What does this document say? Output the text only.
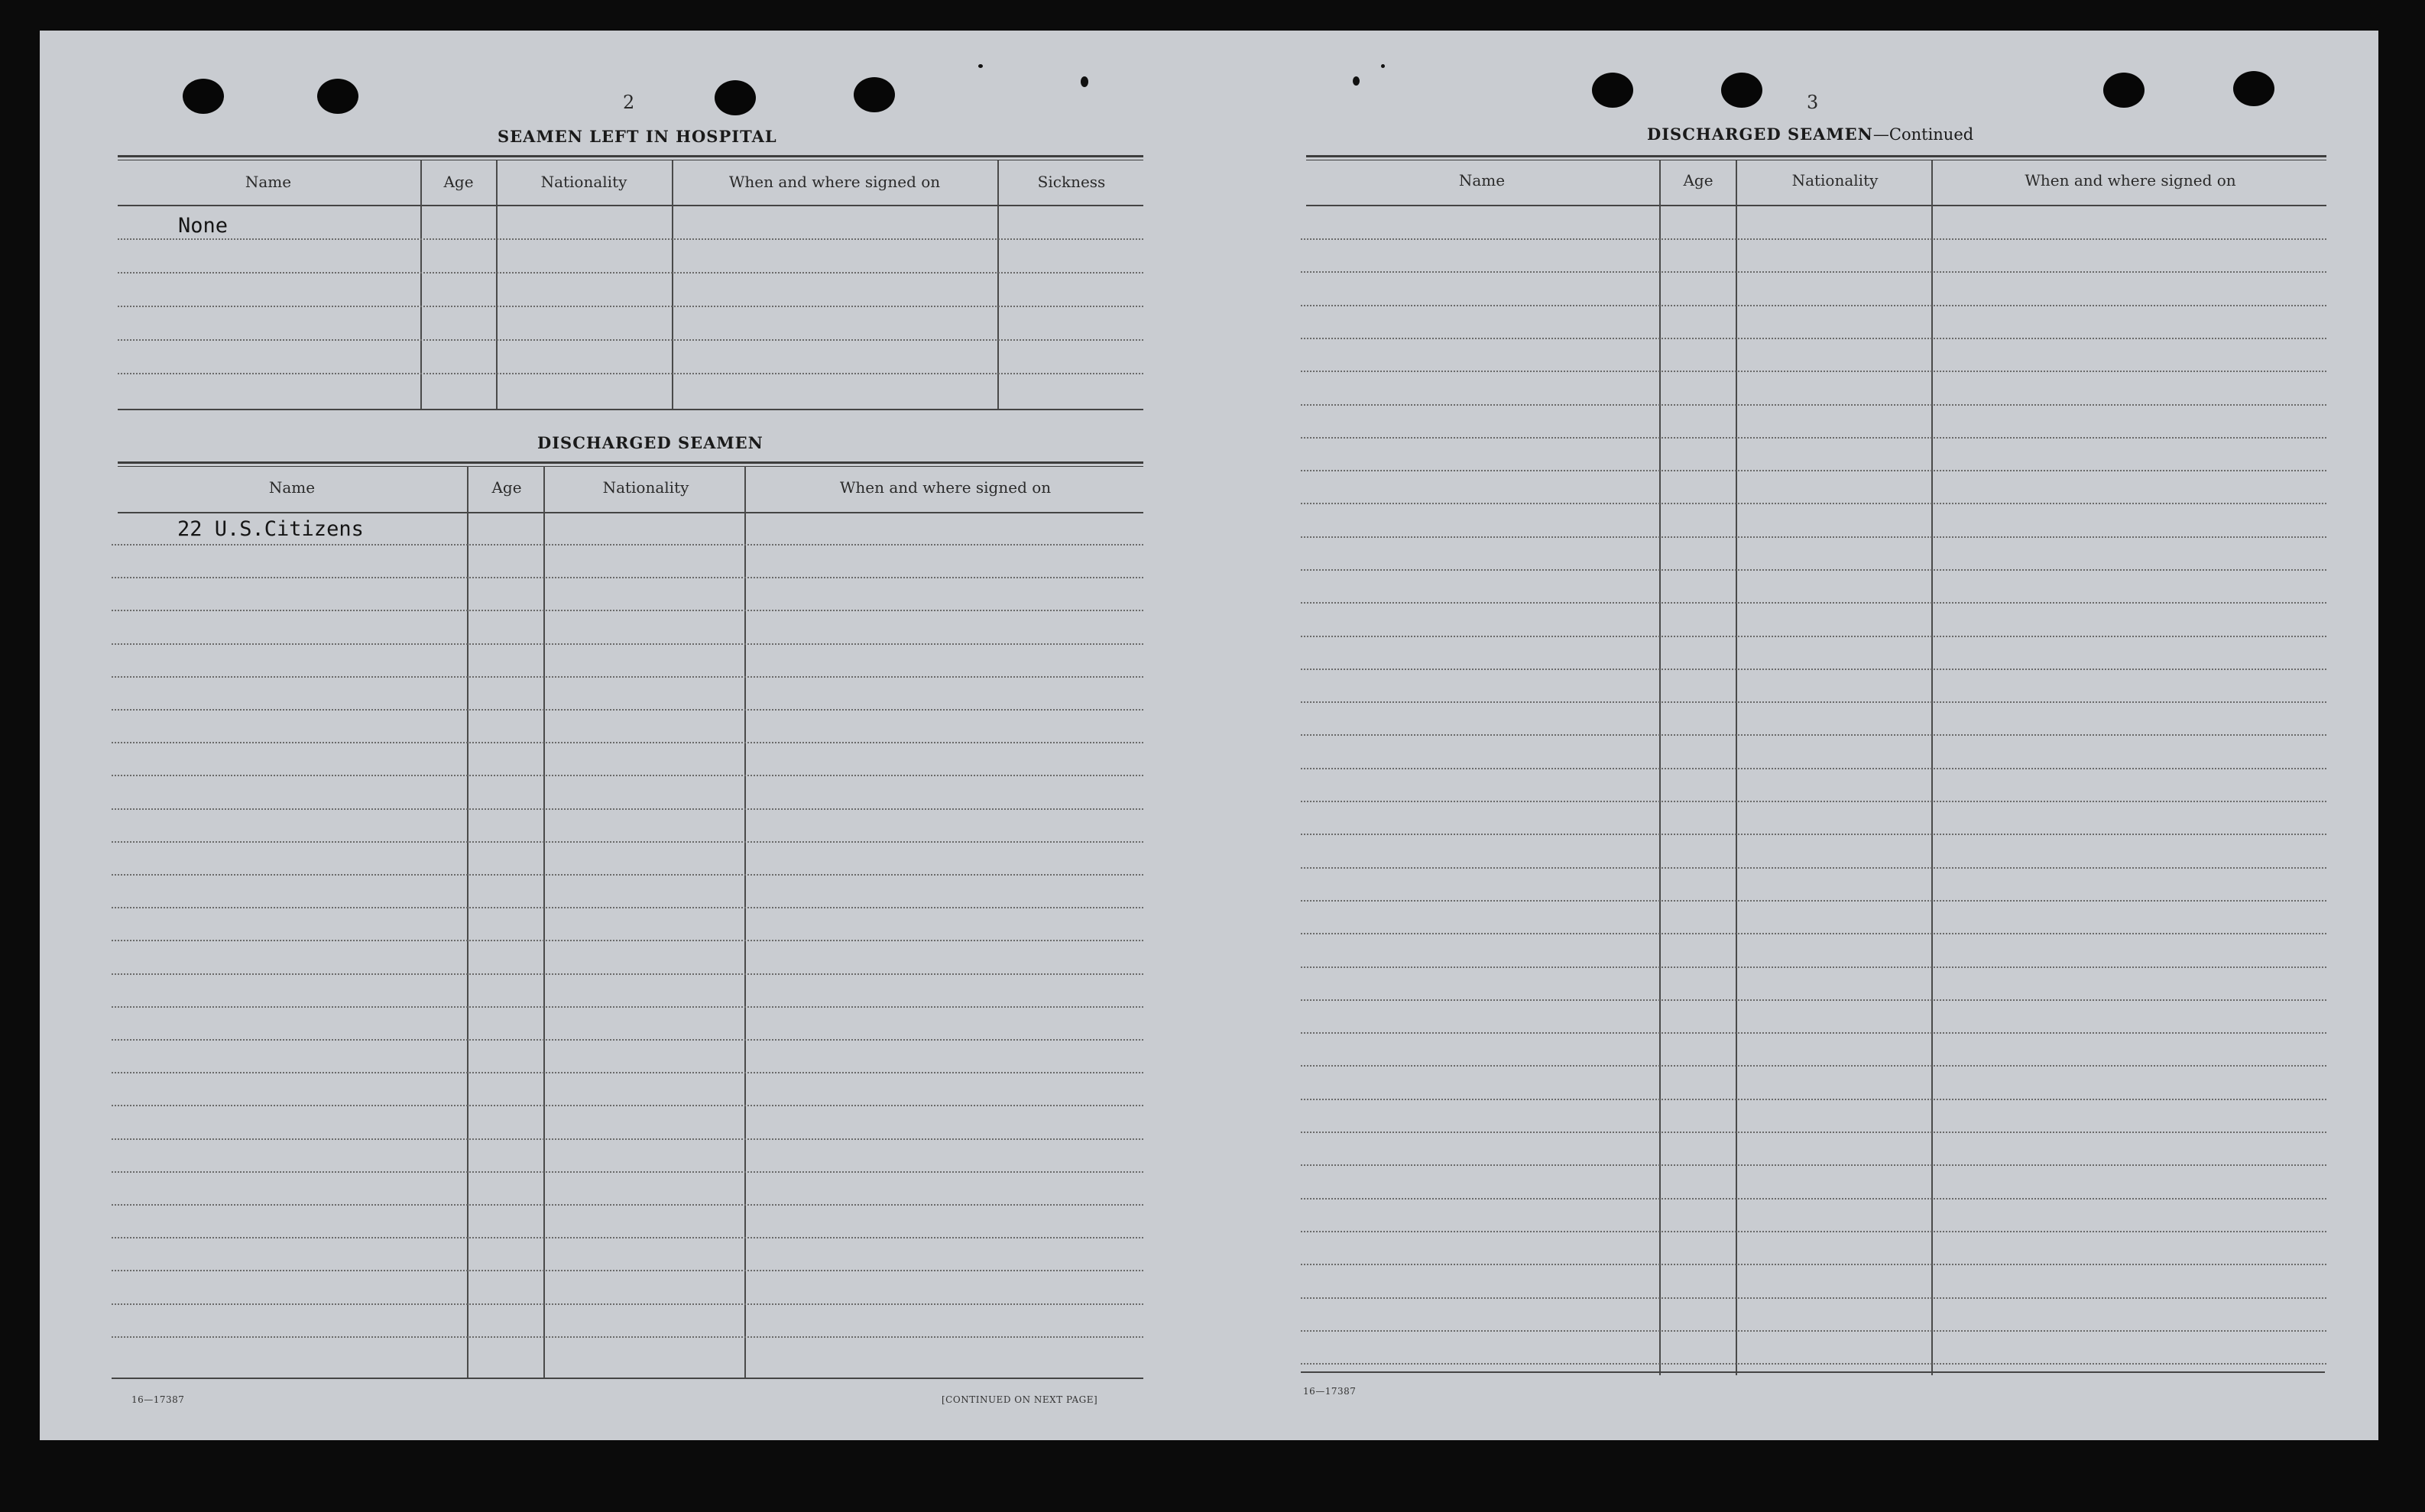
2
SEAMEN LEFT IN HOSPITAL
Name	Age	Nationality	When and where signed on	Sickness
None
DISCHARGED SEAMEN
Name	Age	Nationality	When and where signed on
22 U.S.Citizens
16—17387	[CONTINUED ON NEXT PAGE]
3
DISCHARGED SEAMEN—Continued
Name	Age	Nationality	When and where signed on
16—17387
